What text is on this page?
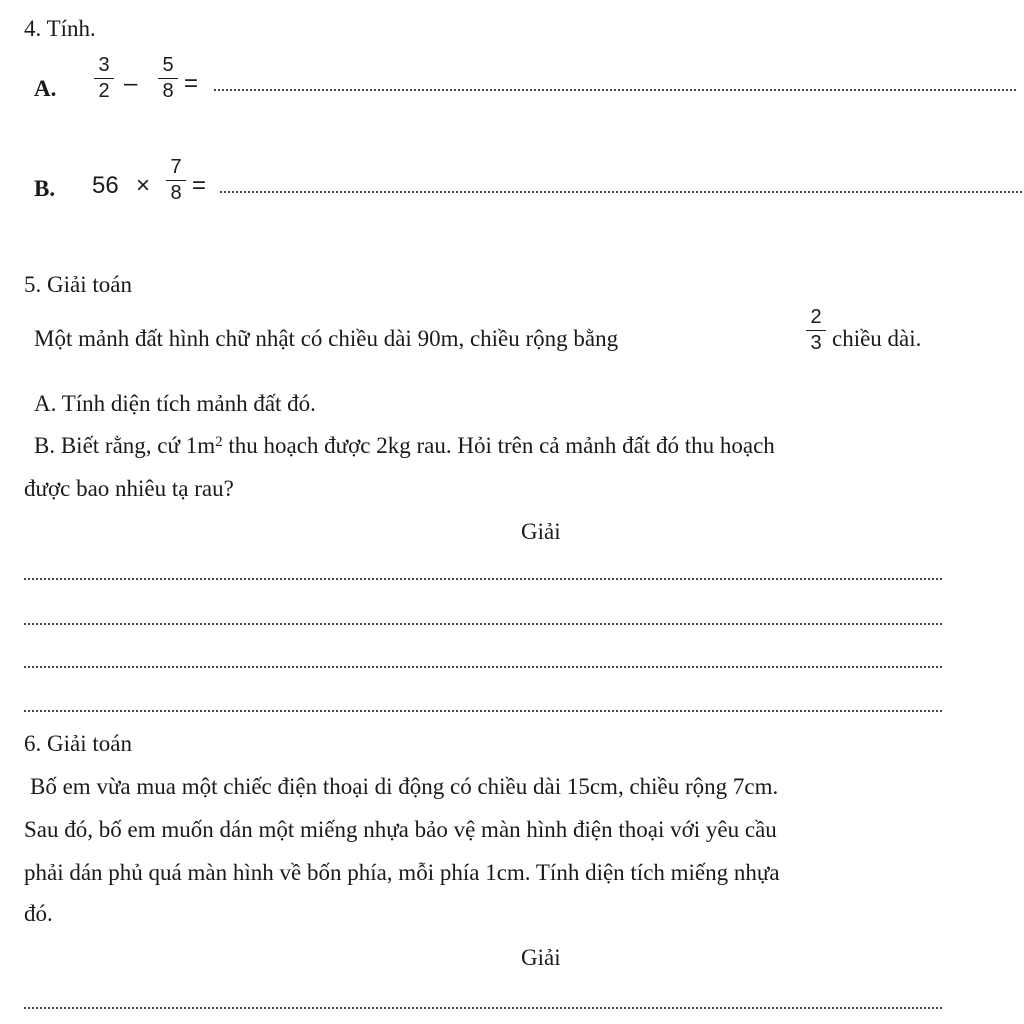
4. Tính.
A.
3
2 –
5
8 =
B. 56 ×
7
8 =
5. Giải toán
Một mảnh đất hình chữ nhật có chiều dài 90m, chiều rộng bằng
2
3 chiều dài.
A. Tính diện tích mảnh đất đó.
B. Biết rằng, cứ $1m^2$ thu hoạch được 2kg rau. Hỏi trên cả mảnh đất đó thu hoạch
được bao nhiêu tạ rau?
Giải
6. Giải toán
Bố em vừa mua một chiếc điện thoại di động có chiều dài 15cm, chiều rộng 7cm.
Sau đó, bố em muốn dán một miếng nhựa bảo vệ màn hình điện thoại với yêu cầu
phải dán phủ quá màn hình về bốn phía, mỗi phía 1cm. Tính diện tích miếng nhựa
đó.
Giải
